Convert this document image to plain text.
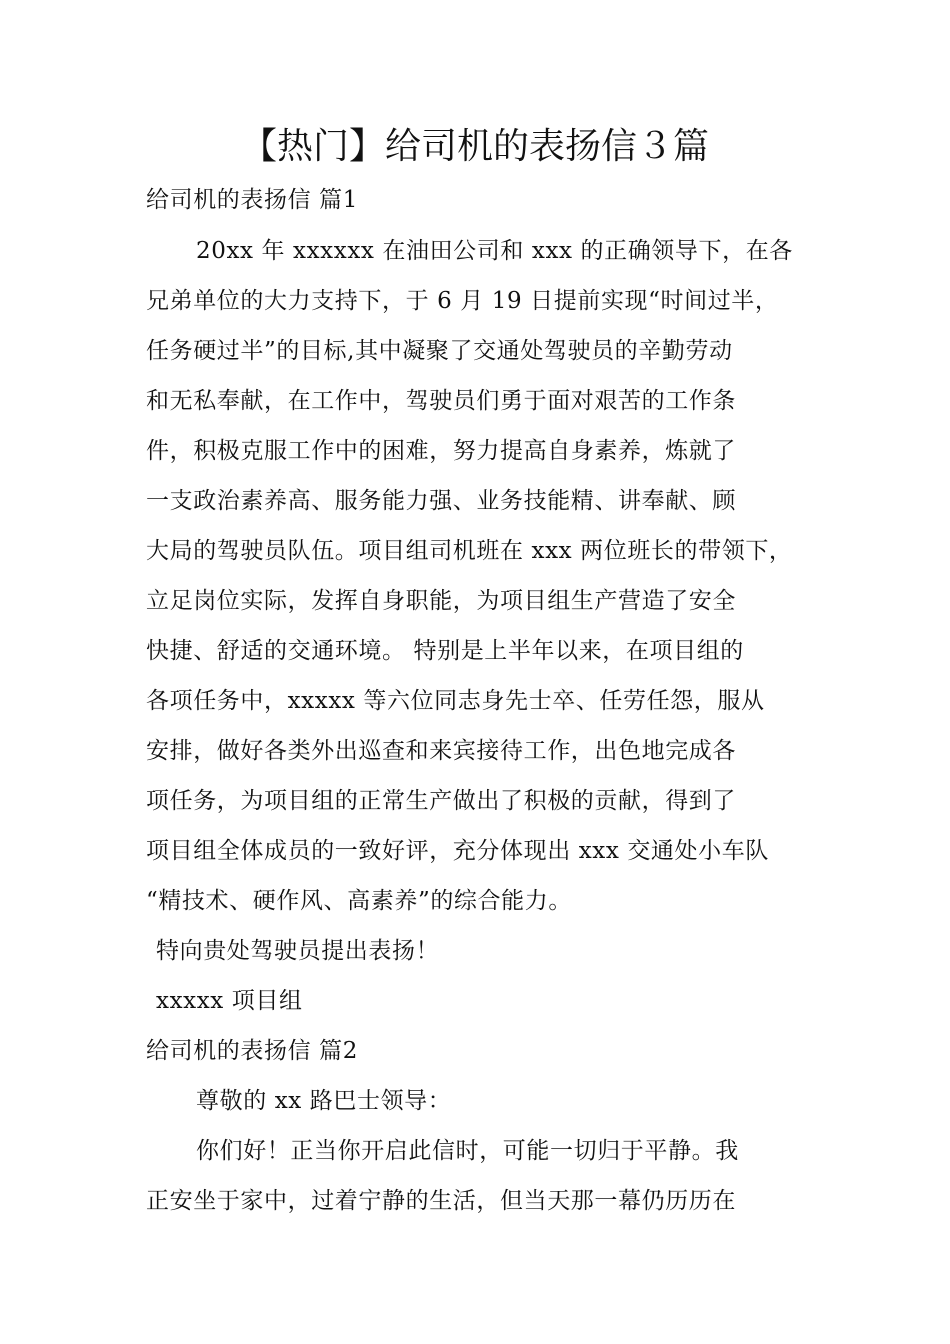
【热门】给司机的表扬信３篇

给司机的表扬信 篇1

20xx 年 xxxxxx 在油田公司和 xxx 的正确领导下，在各

兄弟单位的大力支持下，于 6 月 19 日提前实现“时间过半，

任务硬过半”的目标,其中凝聚了交通处驾驶员的辛勤劳动

和无私奉献，在工作中，驾驶员们勇于面对艰苦的工作条

件，积极克服工作中的困难，努力提高自身素养，炼就了

一支政治素养高、服务能力强、业务技能精、讲奉献、顾

大局的驾驶员队伍。项目组司机班在 xxx 两位班长的带领下，

立足岗位实际，发挥自身职能，为项目组生产营造了安全

快捷、舒适的交通环境。 特别是上半年以来，在项目组的

各项任务中，xxxxx 等六位同志身先士卒、任劳任怨，服从

安排，做好各类外出巡查和来宾接待工作，出色地完成各

项任务，为项目组的正常生产做出了积极的贡献，得到了

项目组全体成员的一致好评，充分体现出 xxx 交通处小车队

“精技术、硬作风、高素养”的综合能力。

特向贵处驾驶员提出表扬！

xxxxx 项目组

给司机的表扬信 篇2

尊敬的 xx 路巴士领导：

你们好！正当你开启此信时，可能一切归于平静。我

正安坐于家中，过着宁静的生活，但当天那一幕仍历历在
